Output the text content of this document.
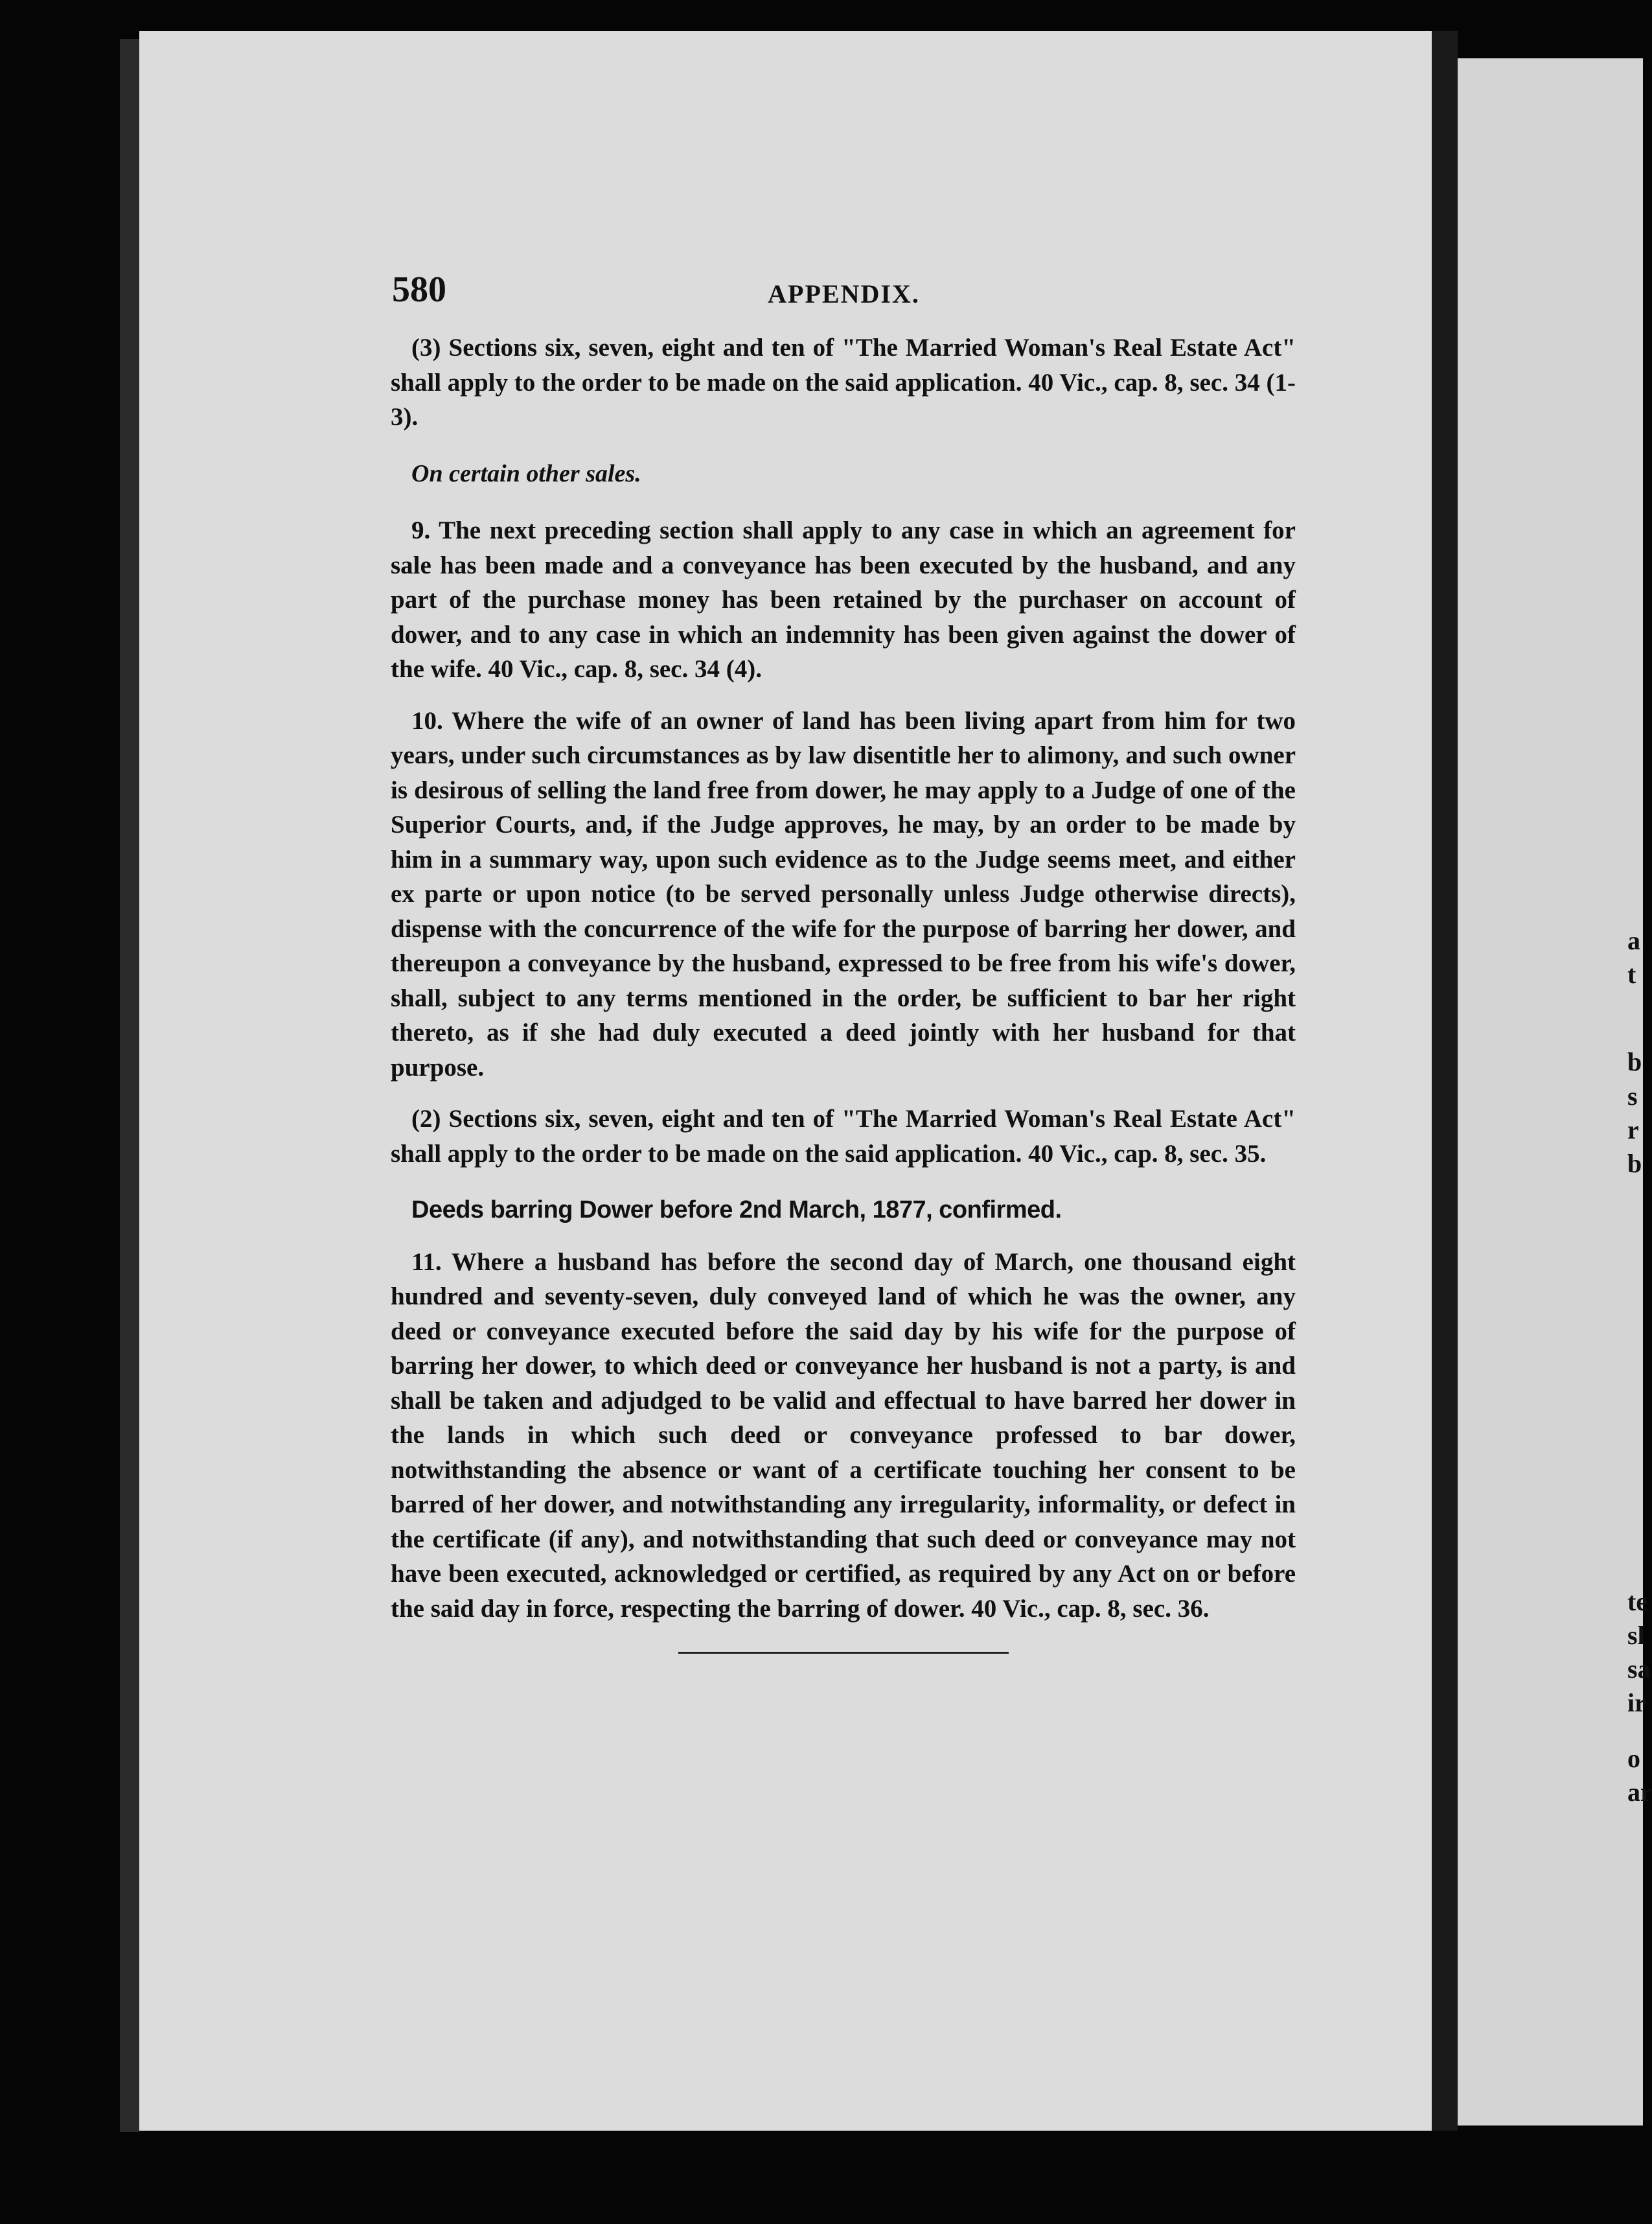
a
t
b
s
r
b
te
sl
sa
ir
o
ar
580	APPENDIX.

(3) Sections six, seven, eight and ten of "The Married Woman's Real Estate Act" shall apply to the order to be made on the said application. 40 Vic., cap. 8, sec. 34 (1-3).

On certain other sales.

9. The next preceding section shall apply to any case in which an agreement for sale has been made and a conveyance has been executed by the husband, and any part of the purchase money has been retained by the purchaser on account of dower, and to any case in which an indemnity has been given against the dower of the wife. 40 Vic., cap. 8, sec. 34 (4).

10. Where the wife of an owner of land has been living apart from him for two years, under such circumstances as by law disentitle her to alimony, and such owner is desirous of selling the land free from dower, he may apply to a Judge of one of the Superior Courts, and, if the Judge approves, he may, by an order to be made by him in a summary way, upon such evidence as to the Judge seems meet, and either ex parte or upon notice (to be served personally unless Judge otherwise directs), dispense with the concurrence of the wife for the purpose of barring her dower, and thereupon a conveyance by the husband, expressed to be free from his wife's dower, shall, subject to any terms mentioned in the order, be sufficient to bar her right thereto, as if she had duly executed a deed jointly with her husband for that purpose.

(2) Sections six, seven, eight and ten of "The Married Woman's Real Estate Act" shall apply to the order to be made on the said application. 40 Vic., cap. 8, sec. 35.

Deeds barring Dower before 2nd March, 1877, confirmed.

11. Where a husband has before the second day of March, one thousand eight hundred and seventy-seven, duly conveyed land of which he was the owner, any deed or conveyance executed before the said day by his wife for the purpose of barring her dower, to which deed or conveyance her husband is not a party, is and shall be taken and adjudged to be valid and effectual to have barred her dower in the lands in which such deed or conveyance professed to bar dower, notwithstanding the absence or want of a certificate touching her consent to be barred of her dower, and notwithstanding any irregularity, informality, or defect in the certificate (if any), and notwithstanding that such deed or conveyance may not have been executed, acknowledged or certified, as required by any Act on or before the said day in force, respecting the barring of dower. 40 Vic., cap. 8, sec. 36.
